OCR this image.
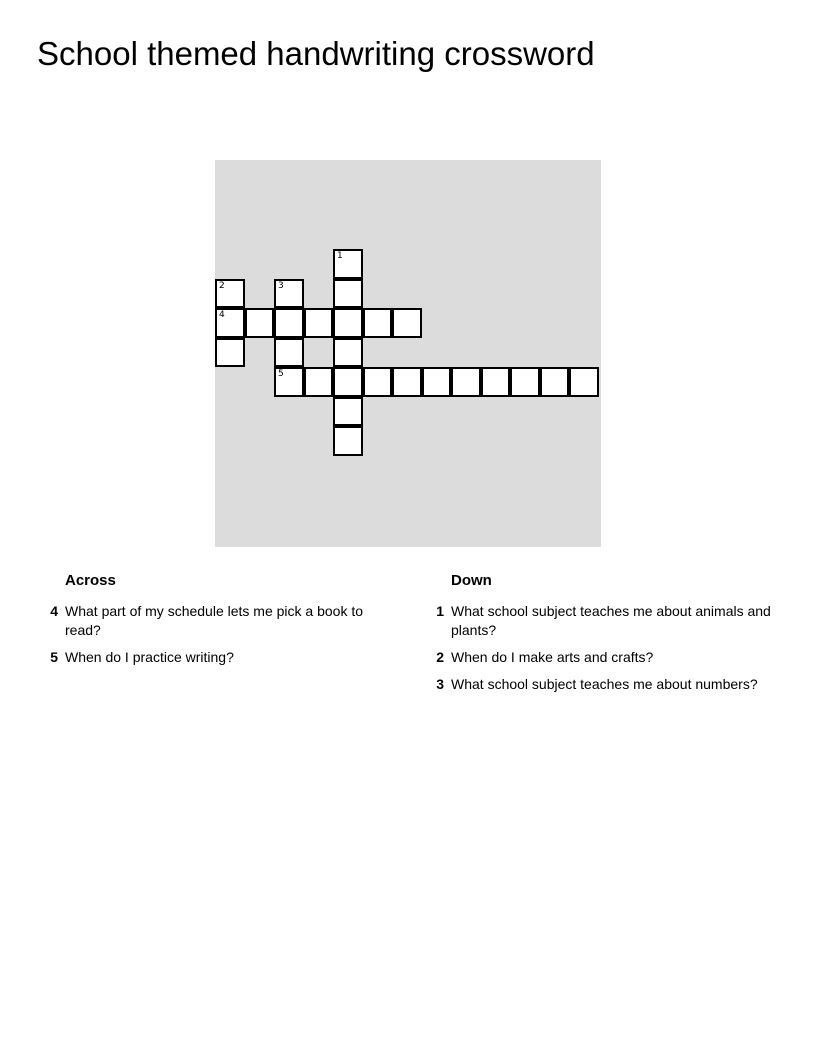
School themed handwriting crossword
1
2	3
4
5
Across
4 What part of my schedule lets me pick a book to read?
5 When do I practice writing?
Down
1 What school subject teaches me about animals and plants?
2 When do I make arts and crafts?
3 What school subject teaches me about numbers?
